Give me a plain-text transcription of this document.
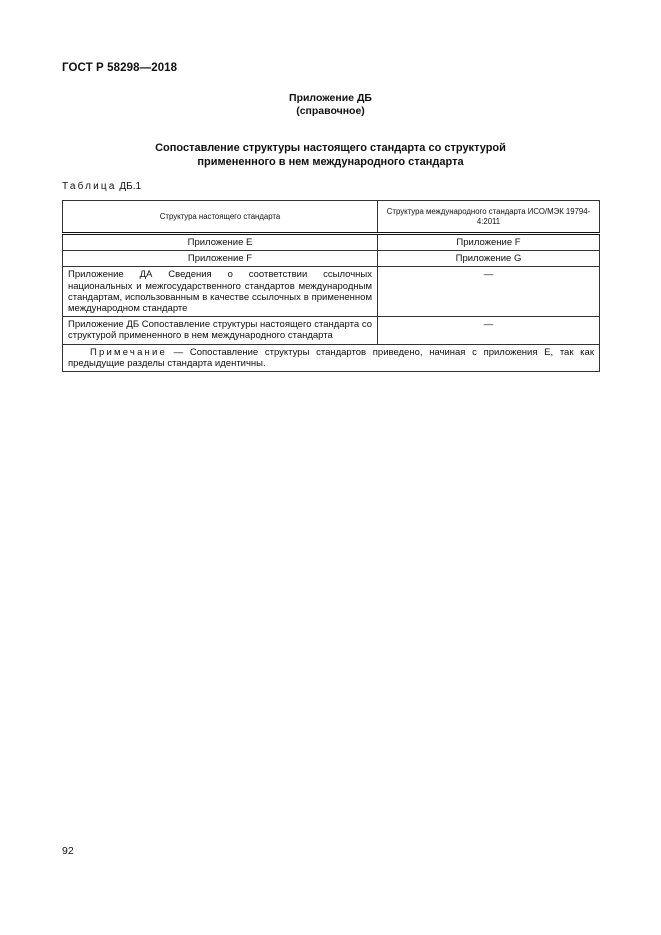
ГОСТ Р 58298—2018
Приложение ДБ
(справочное)
Сопоставление структуры настоящего стандарта со структурой
примененного в нем международного стандарта
Таблица ДБ.1
Структура настоящего стандарта	Структура международного стандарта ИСО/МЭК 19794-4:2011
Приложение E	Приложение F
Приложение F	Приложение G
Приложение ДА Сведения о соответствии ссылочных национальных и межгосударственного стандартов международным стандартам, использованным в качестве ссылочных в примененном международном стандарте	—
Приложение ДБ Сопоставление структуры настоящего стандарта со структурой примененного в нем международного стандарта	—
Примечание — Сопоставление структуры стандартов приведено, начиная с приложения Е, так как предыдущие разделы стандарта идентичны.	
92
